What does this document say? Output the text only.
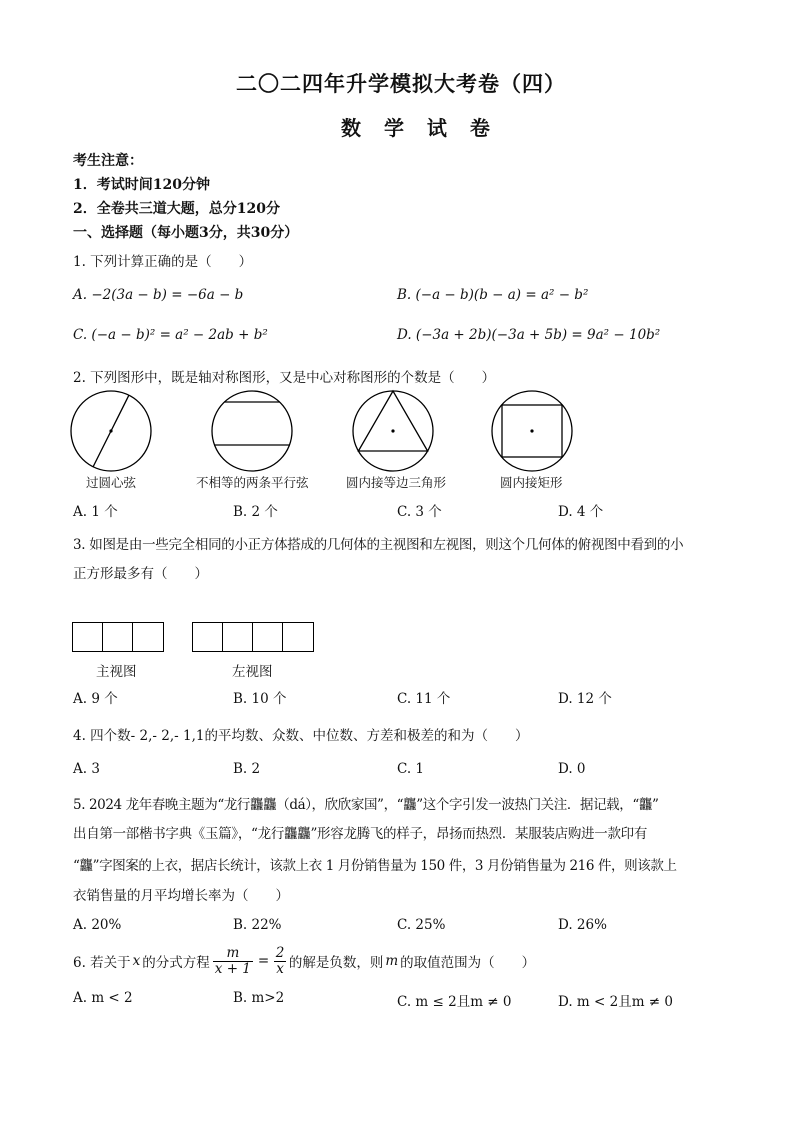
二〇二四年升学模拟大考卷（四）
数 学 试 卷
考生注意：
1．考试时间120分钟
2．全卷共三道大题，总分120分
一、选择题（每小题3分，共30分）
1. 下列计算正确的是（　　）
A. −2(3a − b) = −6a − b	B. (−a − b)(b − a) = a² − b²
C. (−a − b)² = a² − 2ab + b²	D. (−3a + 2b)(−3a + 5b) = 9a² − 10b²
2. 下列图形中，既是轴对称图形，又是中心对称图形的个数是（　　）
过圆心弦	不相等的两条平行弦	圆内接等边三角形	圆内接矩形
A. 1 个	B. 2 个	C. 3 个	D. 4 个
3. 如图是由一些完全相同的小正方体搭成的几何体的主视图和左视图，则这个几何体的俯视图中看到的小
正方形最多有（　　）
主视图	左视图
A. 9 个	B. 10 个	C. 11 个	D. 12 个
4. 四个数- 2,- 2,- 1,1的平均数、众数、中位数、方差和极差的和为（　　）
A. 3	B. 2	C. 1	D. 0
5. 2024 龙年春晚主题为“龙行龘龘（dá），欣欣家国”，“龘”这个字引发一波热门关注．据记载，“龘”
出自第一部楷书字典《玉篇》，“龙行龘龘”形容龙腾飞的样子，昂扬而热烈．某服装店购进一款印有
“龘”字图案的上衣，据店长统计，该款上衣 1 月份销售量为 150 件，3 月份销售量为 216 件，则该款上
衣销售量的月平均增长率为（　　）
A. 20%	B. 22%	C. 25%	D. 26%
6. 若关于 x 的分式方程 $\frac{m}{x + 1} = \frac{2}{x}$ 的解是负数，则 m 的取值范围为（　　）
A. m < 2	B. m>2	C. m ≤ 2且m ≠ 0	D. m < 2且m ≠ 0
